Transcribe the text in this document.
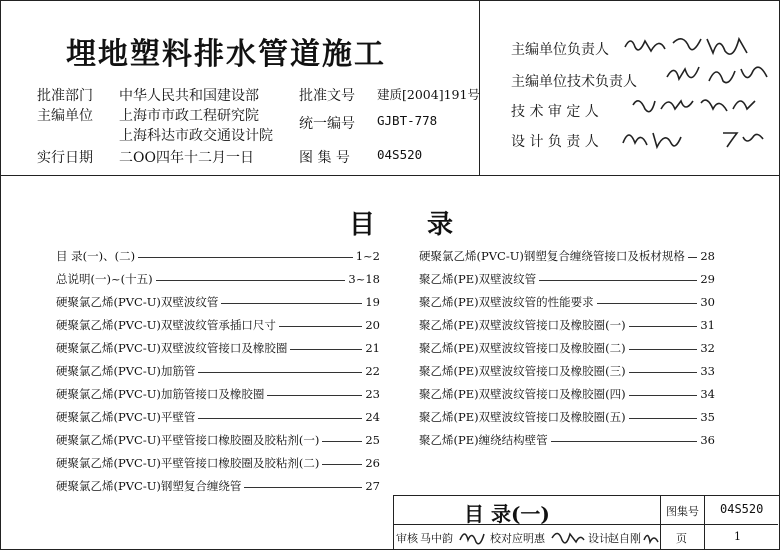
埋地塑料排水管道施工
批准部门 中华人民共和国建设部	批准文号 建质[2004]191号
主编单位 上海市市政工程研究院
上海科达市政交通设计院
统一编号 GJBT-778
实行日期 二OO四年十二月一日	图 集 号 04S520
主编单位负责人
主编单位技术负责人
技 术 审 定 人
设 计 负 责 人
目 录
目 录(一)、(二)	1~2
总说明(一)~(十五)	3~18
硬聚氯乙烯(PVC-U)双壁波纹管	19
硬聚氯乙烯(PVC-U)双壁波纹管承插口尺寸	20
硬聚氯乙烯(PVC-U)双壁波纹管接口及橡胶圈	21
硬聚氯乙烯(PVC-U)加筋管	22
硬聚氯乙烯(PVC-U)加筋管接口及橡胶圈	23
硬聚氯乙烯(PVC-U)平壁管	24
硬聚氯乙烯(PVC-U)平壁管接口橡胶圈及胶粘剂(一)	25
硬聚氯乙烯(PVC-U)平壁管接口橡胶圈及胶粘剂(二)	26
硬聚氯乙烯(PVC-U)钢塑复合缠绕管	27
硬聚氯乙烯(PVC-U)钢塑复合缠绕管接口及板材规格 28
聚乙烯(PE)双壁波纹管	29
聚乙烯(PE)双壁波纹管的性能要求	30
聚乙烯(PE)双壁波纹管接口及橡胶圈(一)	31
聚乙烯(PE)双壁波纹管接口及橡胶圈(二)	32
聚乙烯(PE)双壁波纹管接口及橡胶圈(三)	33
聚乙烯(PE)双壁波纹管接口及橡胶圈(四)	34
聚乙烯(PE)双壁波纹管接口及橡胶圈(五)	35
聚乙烯(PE)缠绕结构壁管	36
目 录(一)	图集号 04S520
审核 马中韵	校对 应明惠	设计
赵自刚	页	1
